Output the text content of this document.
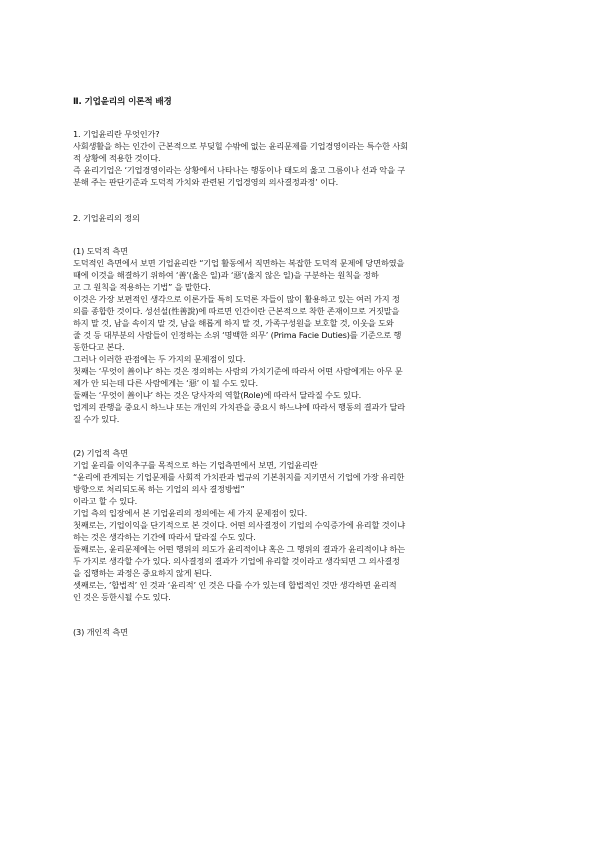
Ⅱ. 기업윤리의 이론적 배경
1. 기업윤리란 무엇인가?
사회생활을 하는 인간이 근본적으로 부딪힐 수밖에 없는 윤리문제를 기업경영이라는 특수한 사회
적 상황에 적용한 것이다.
즉 윤리기업은 ‘기업경영이라는 상황에서 나타나는 행동이나 태도의 옳고 그름이나 선과 악을 구
분해 주는 판단기준과 도덕적 가치와 관련된 기업경영의 의사결정과정’ 이다.
2. 기업윤리의 정의
(1) 도덕적 측면
도덕적인 측면에서 보면 기업윤리란 “기업 활동에서 직면하는 복잡한 도덕적 문제에 당면하였을
때에 이것을 해결하기 위하여 ‘善’(옳은 일)과 ‘惡’(옳지 않은 일)을 구분하는 원칙을 정하
고 그 원칙을 적용하는 기법” 을 말한다.
이것은 가장 보편적인 생각으로 이론가들 특히 도덕론 자들이 많이 활용하고 있는 여러 가지 정
의를 종합한 것이다. 성선설(性善說)에 따르면 인간이란 근본적으로 착한 존재이므로 거짓말을
하지 말 것, 남을 속이지 말 것, 남을 해롭게 하지 말 것, 가족구성원을 보호할 것, 이웃을 도와
줄 것 등 대부분의 사람들이 인정하는 소위 ‘명백한 의무’ (Prima Facie Duties)를 기준으로 행
동한다고 본다.
그러나 이러한 관점에는 두 가지의 문제점이 있다.
첫째는 ‘무엇이 善이냐’ 하는 것은 정의하는 사람의 가치기준에 따라서 어떤 사람에게는 아무 문
제가 안 되는데 다른 사람에게는 ‘惡’ 이 될 수도 있다.
둘째는 ‘무엇이 善이냐’ 하는 것은 당사자의 역할(Role)에 따라서 달라질 수도 있다.
업계의 관행을 중요시 하느냐 또는 개인의 가치관을 중요시 하느냐에 따라서 행동의 결과가 달라
질 수가 있다.
(2) 기업적 측면
기업 윤리를 이익추구를 목적으로 하는 기업측면에서 보면, 기업윤리란
“윤리에 관계되는 기업문제를 사회적 가치관과 법규의 기본취지를 지키면서 기업에 가장 유리한
방향으로 처리되도록 하는 기업의 의사 결정방법”
이라고 할 수 있다.
기업 측의 입장에서 본 기업윤리의 정의에는 세 가지 문제점이 있다.
첫째로는, 기업이익을 단기적으로 본 것이다. 어떤 의사결정이 기업의 수익증가에 유리할 것이냐
하는 것은 생각하는 기간에 따라서 달라질 수도 있다.
둘째로는, 윤리문제에는 어떤 행위의 의도가 윤리적이냐 혹은 그 행위의 결과가 윤리적이냐 하는
두 가지로 생각할 수가 있다. 의사결정의 결과가 기업에 유리할 것이라고 생각되면 그 의사결정
을 집행하는 과정은 중요하지 않게 된다.
셋째로는, ‘합법적’ 인 것과 ‘윤리적’ 인 것은 다를 수가 있는데 합법적인 것만 생각하면 윤리적
인 것은 등한시될 수도 있다.
(3) 개인적 측면
